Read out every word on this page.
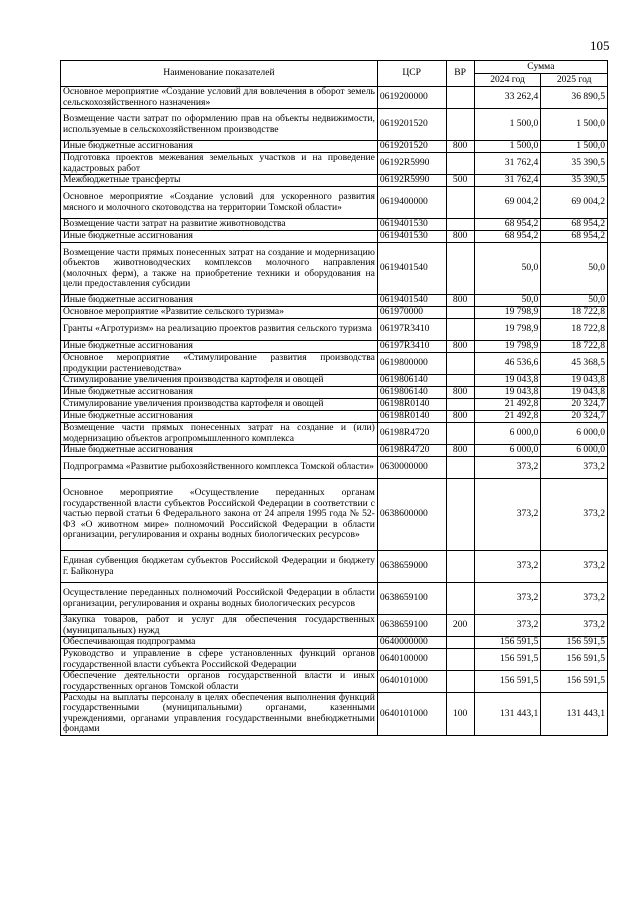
105
Наименование показателей	ЦСР	ВР	Сумма	
			2024 год	2025 год
Основное мероприятие «Создание условий для вовлечения в оборот земель сельскохозяйственного назначения»	0619200000		33 262,4	36 890,5
Возмещение части затрат по оформлению прав на объекты недвижимости, используемые в сельскохозяйственном производстве	0619201520		1 500,0	1 500,0
Иные бюджетные ассигнования	0619201520	800	1 500,0	1 500,0
Подготовка проектов межевания земельных участков и на проведение кадастровых работ	06192R5990		31 762,4	35 390,5
Межбюджетные трансферты	06192R5990	500	31 762,4	35 390,5
Основное мероприятие «Создание условий для ускоренного развития мясного и молочного скотоводства на территории Томской области»	0619400000		69 004,2	69 004,2
Возмещение части затрат на развитие животноводства	0619401530		68 954,2	68 954,2
Иные бюджетные ассигнования	0619401530	800	68 954,2	68 954,2
Возмещение части прямых понесенных затрат на создание и модернизацию объектов животноводческих комплексов молочного направления (молочных ферм), а также на приобретение техники и оборудования на цели предоставления субсидии	0619401540		50,0	50,0
Иные бюджетные ассигнования	0619401540	800	50,0	50,0
Основное мероприятие «Развитие сельского туризма»	061970000		19 798,9	18 722,8
Гранты «Агротуризм» на реализацию проектов развития сельского туризма	06197R3410		19 798,9	18 722,8
Иные бюджетные ассигнования	06197R3410	800	19 798,9	18 722,8
Основное мероприятие «Стимулирование развития производства продукции растениеводства»	0619800000		46 536,6	45 368,5
Стимулирование увеличения производства картофеля и овощей	0619806140		19 043,8	19 043,8
Иные бюджетные ассигнования	0619806140	800	19 043,8	19 043,8
Стимулирование увеличения производства картофеля и овощей	06198R0140		21 492,8	20 324,7
Иные бюджетные ассигнования	06198R0140	800	21 492,8	20 324,7
Возмещение части прямых понесенных затрат на создание и (или) модернизацию объектов агропромышленного комплекса	06198R4720		6 000,0	6 000,0
Иные бюджетные ассигнования	06198R4720	800	6 000,0	6 000,0
Подпрограмма «Развитие рыбохозяйственного комплекса Томской области»	0630000000		373,2	373,2
Основное мероприятие «Осуществление переданных органам государственной власти субъектов Российской Федерации в соответствии с частью первой статьи 6 Федерального закона от 24 апреля 1995 года № 52-ФЗ «О животном мире» полномочий Российской Федерации в области организации, регулирования и охраны водных биологических ресурсов»	0638600000		373,2	373,2
Единая субвенция бюджетам субъектов Российской Федерации и бюджету г. Байконура	0638659000		373,2	373,2
Осуществление переданных полномочий Российской Федерации в области организации, регулирования и охраны водных биологических ресурсов	0638659100		373,2	373,2
Закупка товаров, работ и услуг для обеспечения государственных (муниципальных) нужд	0638659100	200	373,2	373,2
Обеспечивающая подпрограмма	0640000000		156 591,5	156 591,5
Руководство и управление в сфере установленных функций органов государственной власти субъекта Российской Федерации	0640100000		156 591,5	156 591,5
Обеспечение деятельности органов государственной власти и иных государственных органов Томской области	0640101000		156 591,5	156 591,5
Расходы на выплаты персоналу в целях обеспечения выполнения функций государственными (муниципальными) органами, казенными учреждениями, органами управления государственными внебюджетными фондами	0640101000	100	131 443,1	131 443,1
